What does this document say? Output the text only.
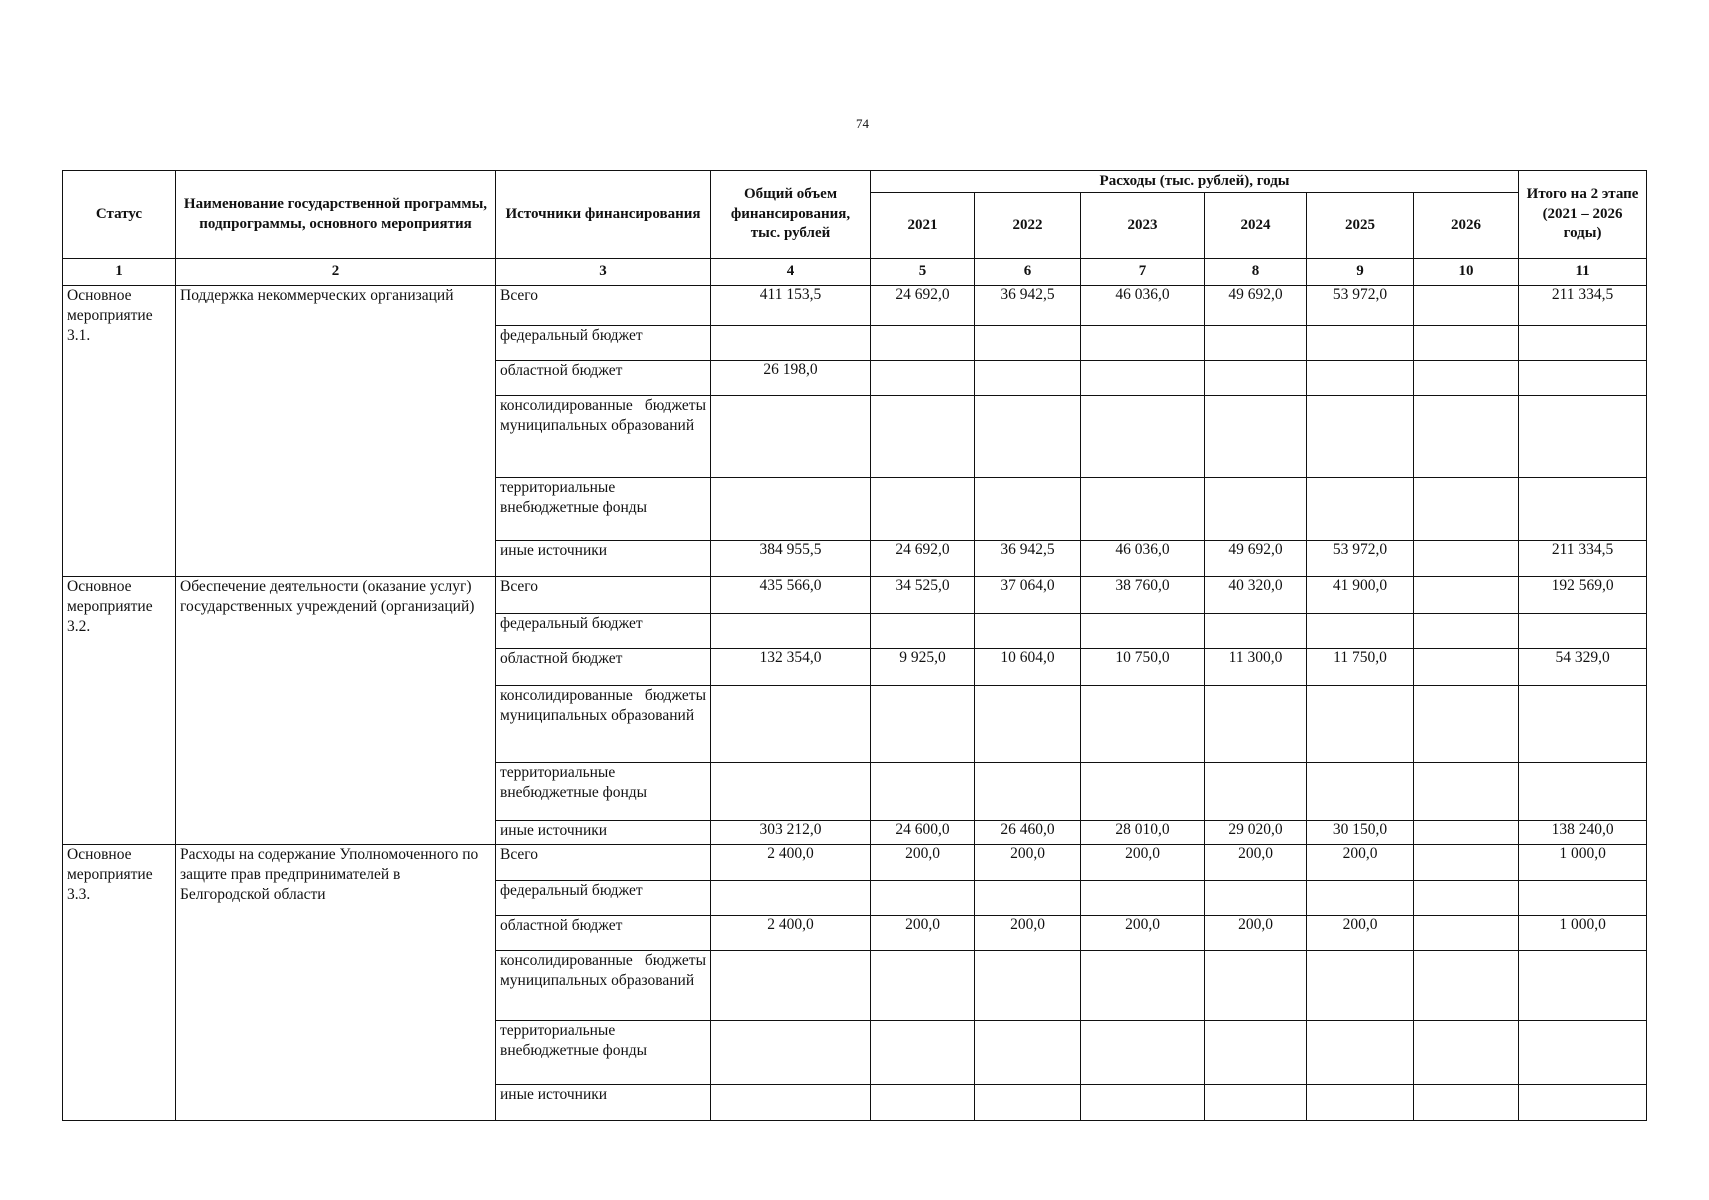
74
Статус	Наименование государственной программы, подпрограммы, основного мероприятия	Источники финансирования	Общий объем финансирования, тыс. рублей	Расходы (тыс. рублей), годы						Итого на 2 этапе (2021 – 2026 годы)
				2021	2022	2023	2024	2025	2026	
1	2	3	4	5	6	7	8	9	10	11
Основное мероприятие 3.1.	Поддержка некоммерческих организаций	Всего	411 153,5	24 692,0	36 942,5	46 036,0	49 692,0	53 972,0		211 334,5

		федеральный бюджет								

		областной бюджет	26 198,0							

		консолидированные бюджеты муниципальных образований								

		территориальные внебюджетные фонды								

		иные источники	384 955,5	24 692,0	36 942,5	46 036,0	49 692,0	53 972,0		211 334,5
Основное мероприятие 3.2.	Обеспечение деятельности (оказание услуг) государственных учреждений (организаций)	Всего	435 566,0	34 525,0	37 064,0	38 760,0	40 320,0	41 900,0		192 569,0

		федеральный бюджет								

		областной бюджет	132 354,0	9 925,0	10 604,0	10 750,0	11 300,0	11 750,0		54 329,0

		консолидированные бюджеты муниципальных образований								

		территориальные внебюджетные фонды								

		иные источники	303 212,0	24 600,0	26 460,0	28 010,0	29 020,0	30 150,0		138 240,0
Основное мероприятие 3.3.	Расходы на содержание Уполномоченного по защите прав предпринимателей в Белгородской области	Всего	2 400,0	200,0	200,0	200,0	200,0	200,0		1 000,0

		федеральный бюджет								

		областной бюджет	2 400,0	200,0	200,0	200,0	200,0	200,0		1 000,0

		консолидированные бюджеты муниципальных образований								

		территориальные внебюджетные фонды								

		иные источники								
